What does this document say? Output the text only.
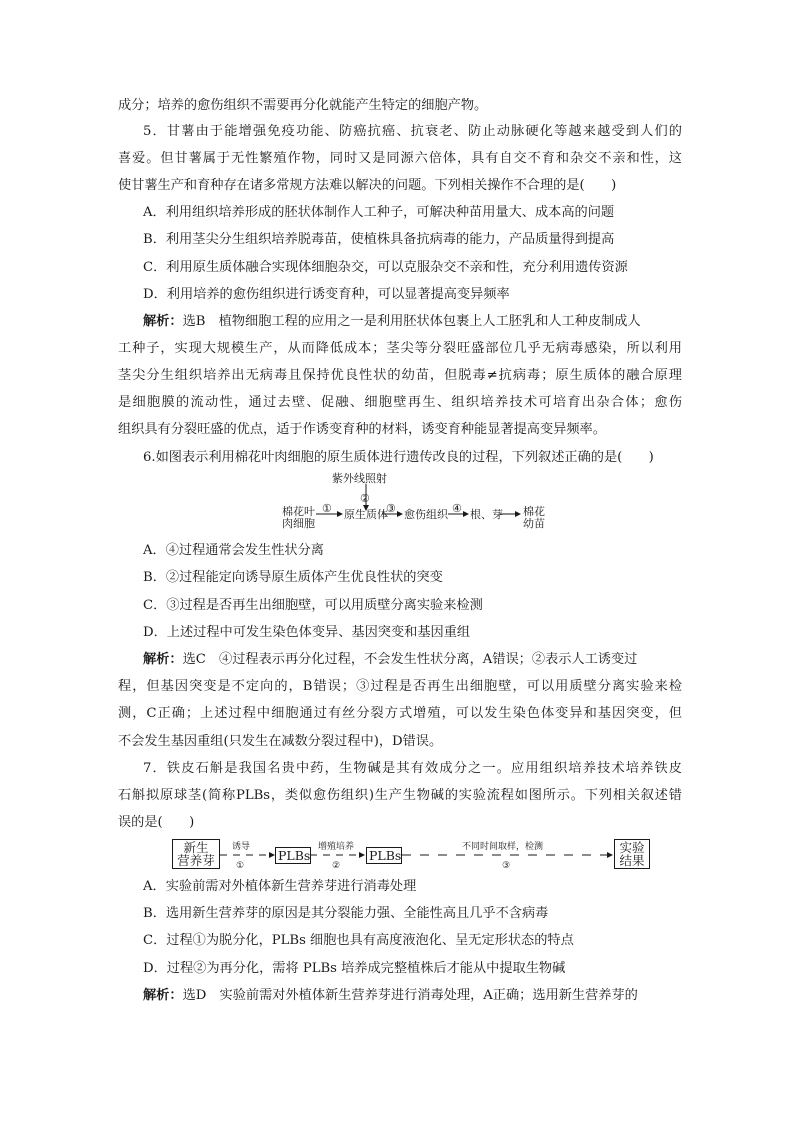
成分；培养的愈伤组织不需要再分化就能产生特定的细胞产物。
5．甘薯由于能增强免疫功能、防癌抗癌、抗衰老、防止动脉硬化等越来越受到人们的
喜爱。但甘薯属于无性繁殖作物，同时又是同源六倍体，具有自交不育和杂交不亲和性，这
使甘薯生产和育种存在诸多常规方法难以解决的问题。下列相关操作不合理的是(　　)
A．利用组织培养形成的胚状体制作人工种子，可解决种苗用量大、成本高的问题
B．利用茎尖分生组织培养脱毒苗，使植株具备抗病毒的能力，产品质量得到提高
C．利用原生质体融合实现体细胞杂交，可以克服杂交不亲和性，充分利用遗传资源
D．利用培养的愈伤组织进行诱变育种，可以显著提高变异频率
解析：选B　植物细胞工程的应用之一是利用胚状体包裹上人工胚乳和人工种皮制成人
工种子，实现大规模生产，从而降低成本；茎尖等分裂旺盛部位几乎无病毒感染，所以利用
茎尖分生组织培养出无病毒且保持优良性状的幼苗，但脱毒≠抗病毒；原生质体的融合原理
是细胞膜的流动性，通过去壁、促融、细胞壁再生、组织培养技术可培育出杂合体；愈伤
组织具有分裂旺盛的优点，适于作诱变育种的材料，诱变育种能显著提高变异频率。
6.如图表示利用棉花叶肉细胞的原生质体进行遗传改良的过程，下列叙述正确的是(　　)
紫外线照射
②
棉花叶
肉细胞
① 原生质体
③ 愈伤组织 ④ 根、芽 棉花
幼苗
A．④过程通常会发生性状分离
B．②过程能定向诱导原生质体产生优良性状的突变
C．③过程是否再生出细胞壁，可以用质壁分离实验来检测
D．上述过程中可发生染色体变异、基因突变和基因重组
解析：选C　④过程表示再分化过程，不会发生性状分离，A错误；②表示人工诱变过
程，但基因突变是不定向的，B错误；③过程是否再生出细胞壁，可以用质壁分离实验来检
测，C正确；上述过程中细胞通过有丝分裂方式增殖，可以发生染色体变异和基因突变，但
不会发生基因重组(只发生在减数分裂过程中)，D错误。
7．铁皮石斛是我国名贵中药，生物碱是其有效成分之一。应用组织培养技术培养铁皮
石斛拟原球茎(简称PLBs，类似愈伤组织)生产生物碱的实验流程如图所示。下列相关叙述错
误的是(　　)
新生
营养芽
诱导
①
PLBs
增殖培养
②
PLBs
不同时间取样，检测
③
实验
结果
A．实验前需对外植体新生营养芽进行消毒处理
B．选用新生营养芽的原因是其分裂能力强、全能性高且几乎不含病毒
C．过程①为脱分化，PLBs 细胞也具有高度液泡化、呈无定形状态的特点
D．过程②为再分化，需将 PLBs 培养成完整植株后才能从中提取生物碱
解析：选D　实验前需对外植体新生营养芽进行消毒处理，A正确；选用新生营养芽的
